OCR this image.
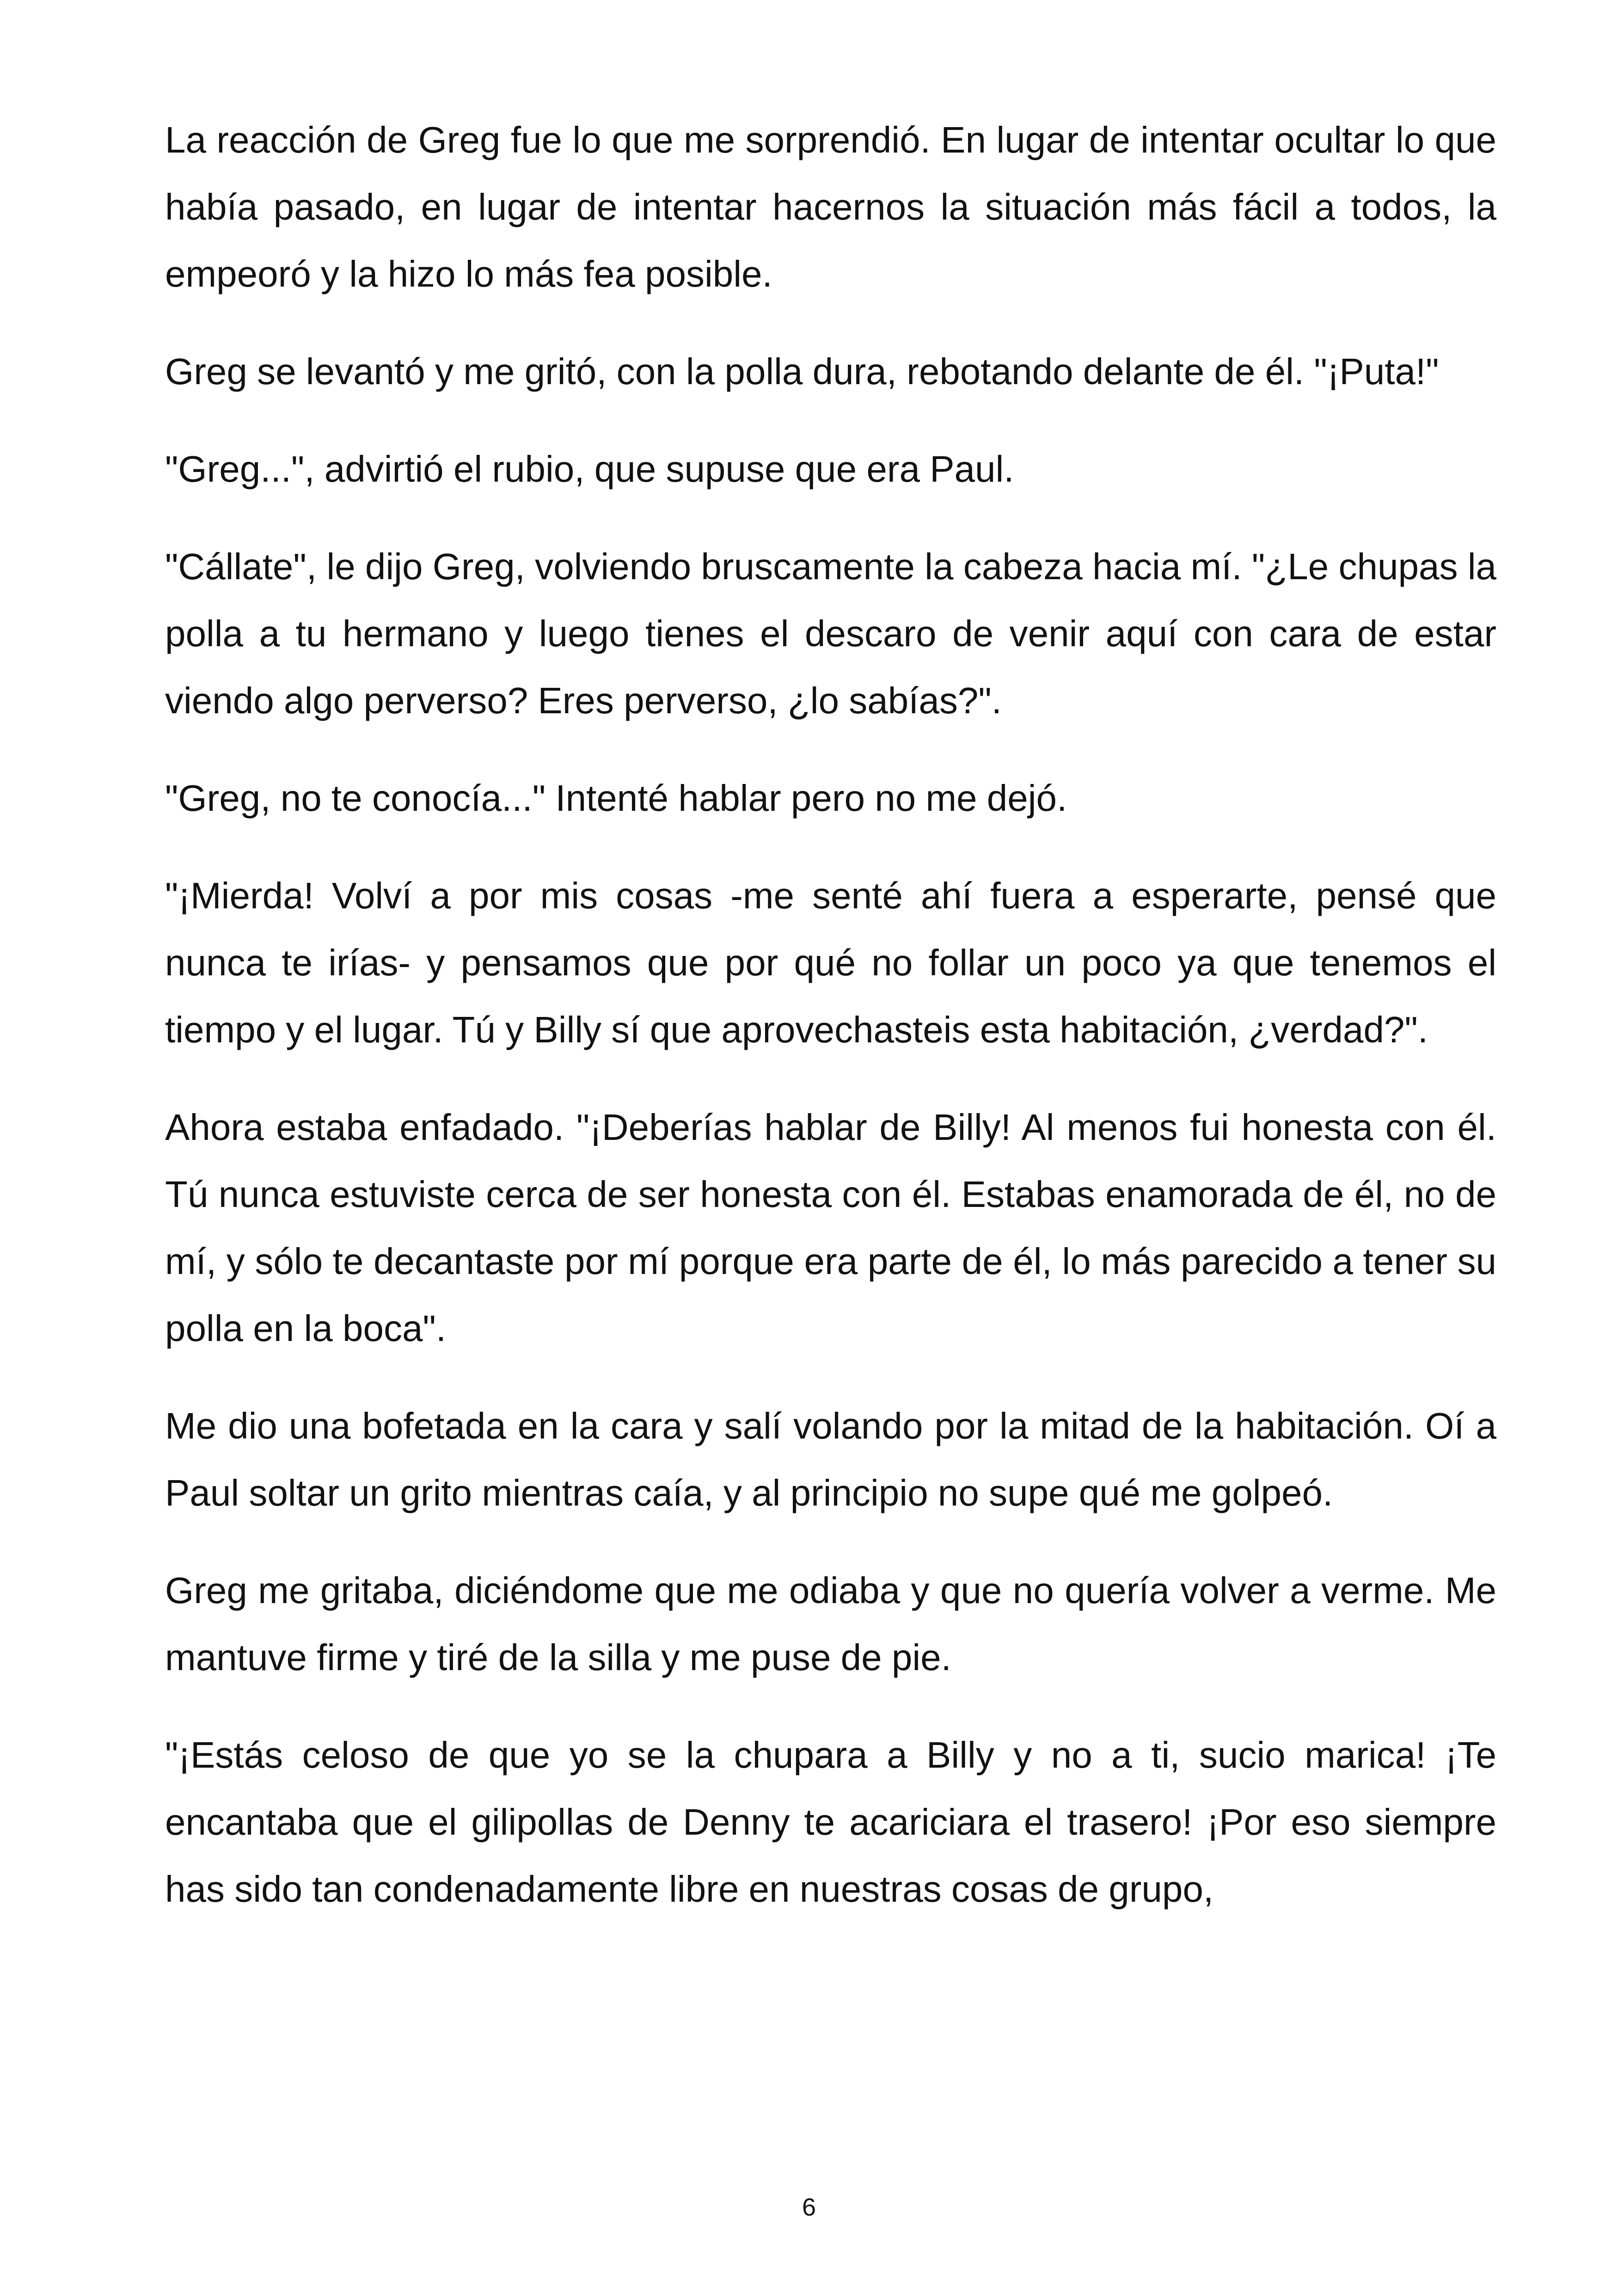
La reacción de Greg fue lo que me sorprendió. En lugar de intentar ocultar lo que había pasado, en lugar de intentar hacernos la situación más fácil a todos, la empeoró y la hizo lo más fea posible.

Greg se levantó y me gritó, con la polla dura, rebotando delante de él. "¡Puta!"

"Greg...", advirtió el rubio, que supuse que era Paul.

"Cállate", le dijo Greg, volviendo bruscamente la cabeza hacia mí. "¿Le chupas la polla a tu hermano y luego tienes el descaro de venir aquí con cara de estar viendo algo perverso? Eres perverso, ¿lo sabías?".

"Greg, no te conocía..." Intenté hablar pero no me dejó.

"¡Mierda! Volví a por mis cosas -me senté ahí fuera a esperarte, pensé que nunca te irías- y pensamos que por qué no follar un poco ya que tenemos el tiempo y el lugar. Tú y Billy sí que aprovechasteis esta habitación, ¿verdad?".

Ahora estaba enfadado. "¡Deberías hablar de Billy! Al menos fui honesta con él. Tú nunca estuviste cerca de ser honesta con él. Estabas enamorada de él, no de mí, y sólo te decantaste por mí porque era parte de él, lo más parecido a tener su polla en la boca".

Me dio una bofetada en la cara y salí volando por la mitad de la habitación. Oí a Paul soltar un grito mientras caía, y al principio no supe qué me golpeó.

Greg me gritaba, diciéndome que me odiaba y que no quería volver a verme. Me mantuve firme y tiré de la silla y me puse de pie.

"¡Estás celoso de que yo se la chupara a Billy y no a ti, sucio marica! ¡Te encantaba que el gilipollas de Denny te acariciara el trasero! ¡Por eso siempre has sido tan condenadamente libre en nuestras cosas de grupo,

6
